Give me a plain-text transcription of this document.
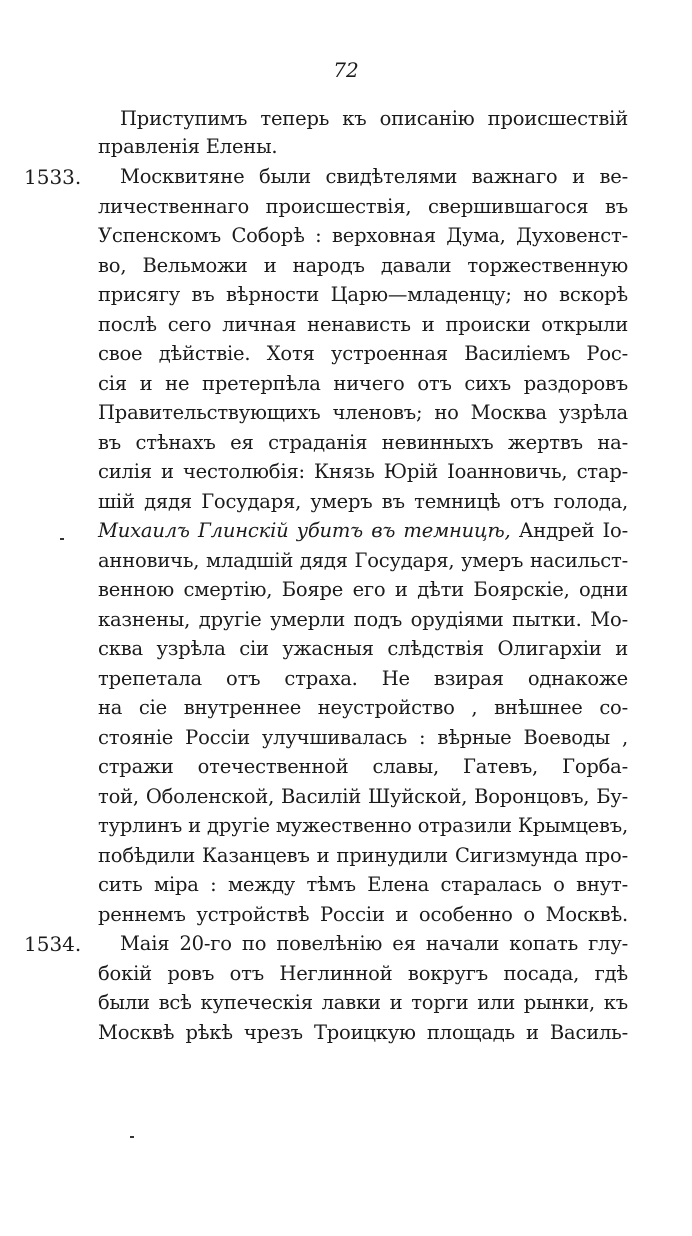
72
1533.
1534.
Приступимъ теперь къ описанію происшествій
правленія Елены.
Москвитяне были свидѣтелями важнаго и ве-
личественнаго происшествія, свершившагося въ
Успенскомъ Соборѣ : верховная Дума, Духовенст-
во, Вельможи и народъ давали торжественную
присягу въ вѣрности Царю—младенцу; но вскорѣ
послѣ сего личная ненависть и происки открыли
свое дѣйствіе. Хотя устроенная Василіемъ Рос-
сія и не претерпѣла ничего отъ сихъ раздоровъ
Правительствующихъ членовъ; но Москва узрѣла
въ стѣнахъ ея страданія невинныхъ жертвъ на-
силія и честолюбія: Князь Юрій Іоанновичь, стар-
шій дядя Государя, умеръ въ темницѣ отъ голода,
Михаилъ Глинскій убитъ въ темницѣ, Андрей Іо-
анновичь, младшій дядя Государя, умеръ насильст-
венною смертію, Бояре его и дѣти Боярскіе, одни
казнены, другіе умерли подъ орудіями пытки. Мо-
сква узрѣла сіи ужасныя слѣдствія Олигархіи и
трепетала отъ страха. Не взирая однакоже
на сіе внутреннее неустройство , внѣшнее со-
стояніе Россіи улучшивалась : вѣрные Воеводы ,
стражи отечественной славы, Гатевъ, Горба-
той, Оболенской, Василій Шуйской, Воронцовъ, Бу-
турлинъ и другіе мужественно отразили Крымцевъ,
побѣдили Казанцевъ и принудили Сигизмунда про-
сить міра : между тѣмъ Елена старалась о внут-
реннемъ устройствѣ Россіи и особенно о Москвѣ.
Маія 20-го по повелѣнію ея начали копать глу-
бокій ровъ отъ Неглинной вокругъ посада, гдѣ
были всѣ купеческія лавки и торги или рынки, къ
Москвѣ рѣкѣ чрезъ Троицкую площадь и Василь-
